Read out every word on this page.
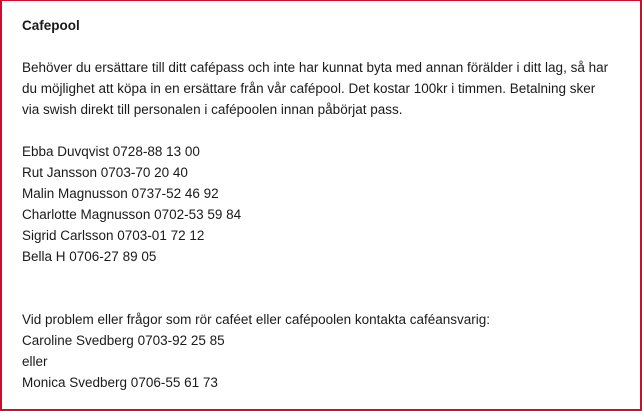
Cafepool
Behöver du ersättare till ditt cafépass och inte har kunnat byta med annan förälder i ditt lag, så har
du möjlighet att köpa in en ersättare från vår cafépool. Det kostar 100kr i timmen. Betalning sker
via swish direkt till personalen i cafépoolen innan påbörjat pass.
Ebba Duvqvist 0728-88 13 00
Rut Jansson 0703-70 20 40
Malin Magnusson 0737-52 46 92
Charlotte Magnusson 0702-53 59 84
Sigrid Carlsson 0703-01 72 12
Bella H 0706-27 89 05
Vid problem eller frågor som rör caféet eller cafépoolen kontakta caféansvarig:
Caroline Svedberg 0703-92 25 85
eller
Monica Svedberg 0706-55 61 73
